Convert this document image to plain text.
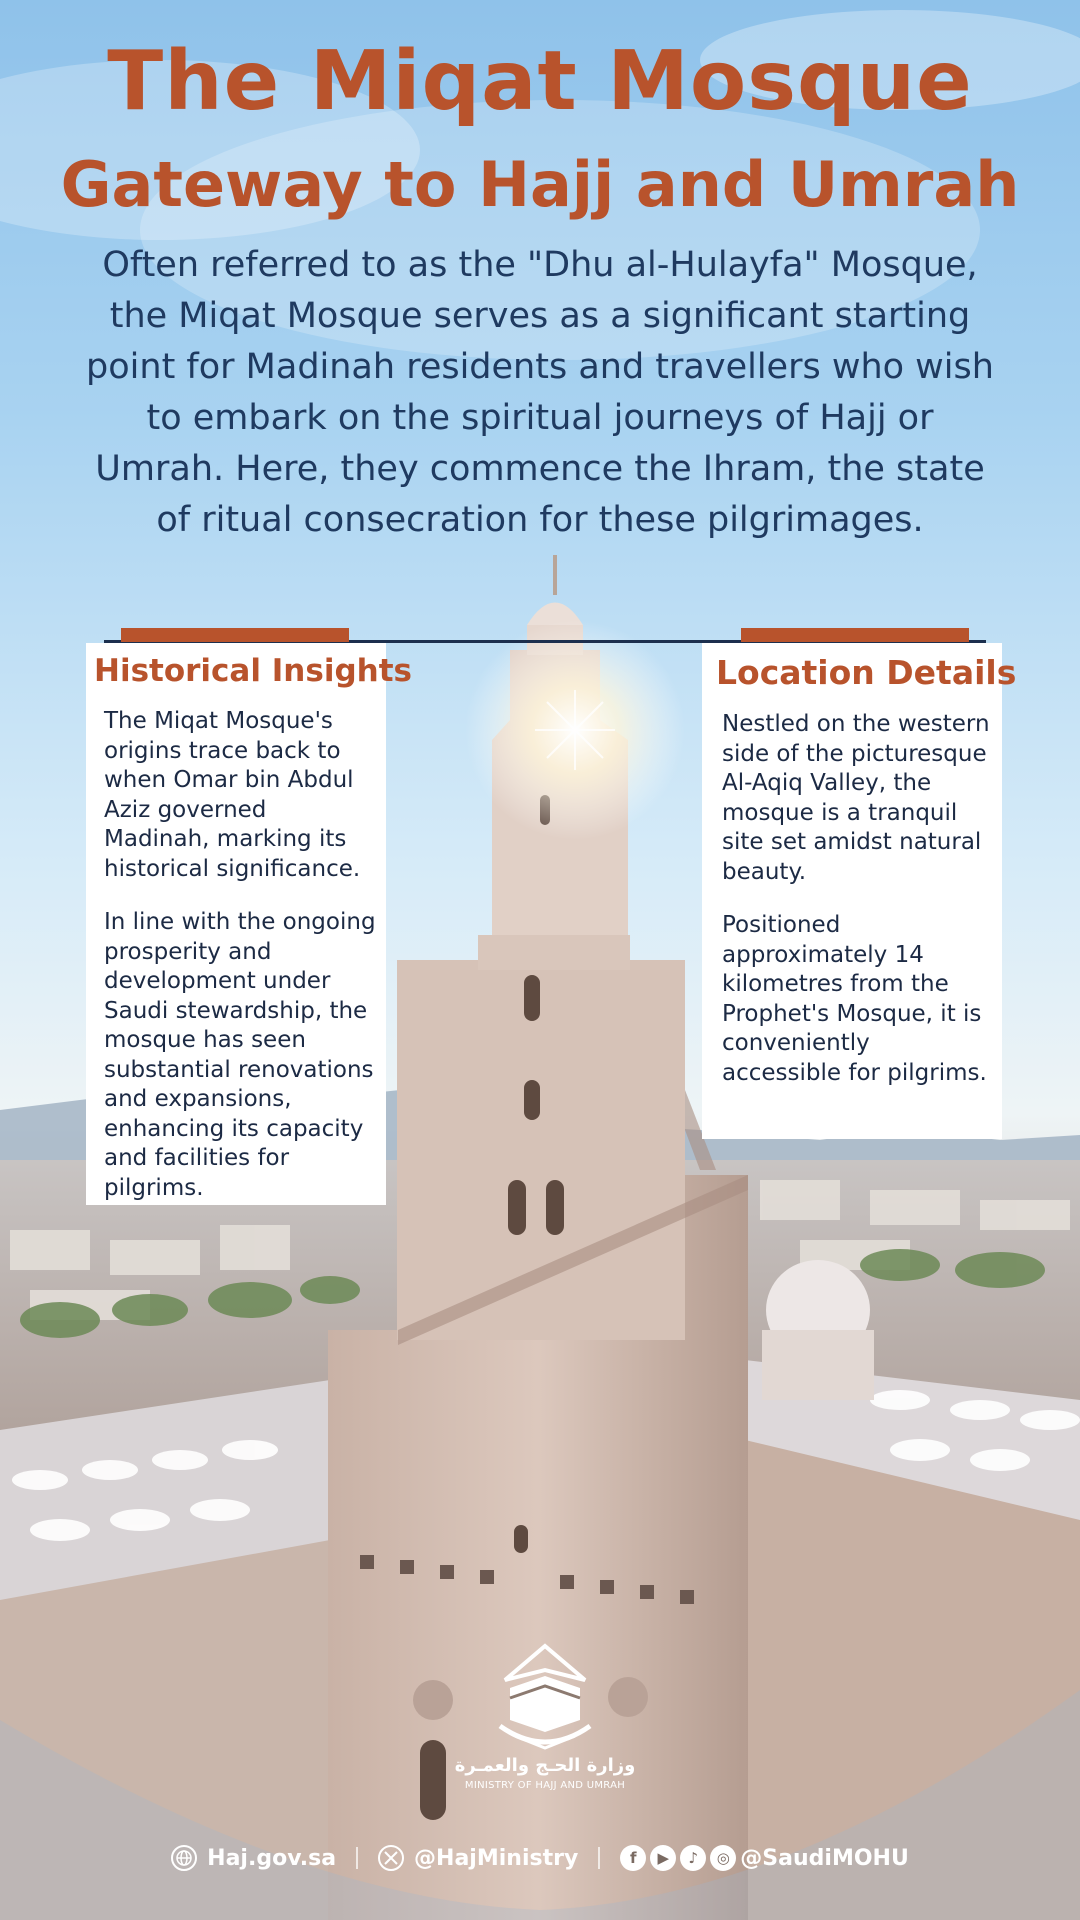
The Miqat Mosque
Gateway to Hajj and Umrah

Often referred to as the "Dhu al-Hulayfa" Mosque, the Miqat Mosque serves as a significant starting point for Madinah residents and travellers who wish to embark on the spiritual journeys of Hajj or Umrah. Here, they commence the Ihram, the state of ritual consecration for these pilgrimages.

Historical Insights

The Miqat Mosque's origins trace back to when Omar bin Abdul Aziz governed Madinah, marking its historical significance.

In line with the ongoing prosperity and development under Saudi stewardship, the mosque has seen substantial renovations and expansions, enhancing its capacity and facilities for pilgrims.

Location Details

Nestled on the western side of the picturesque Al-Aqiq Valley, the mosque is a tranquil site set amidst natural beauty.

Positioned approximately 14 kilometres from the Prophet's Mosque, it is conveniently accessible for pilgrims.

وزارة الحـج والعمـرة
MINISTRY OF HAJJ AND UMRAH
Haj.gov.sa	@HajMinistry	f	▶	♪	◎ @SaudiMOHU
